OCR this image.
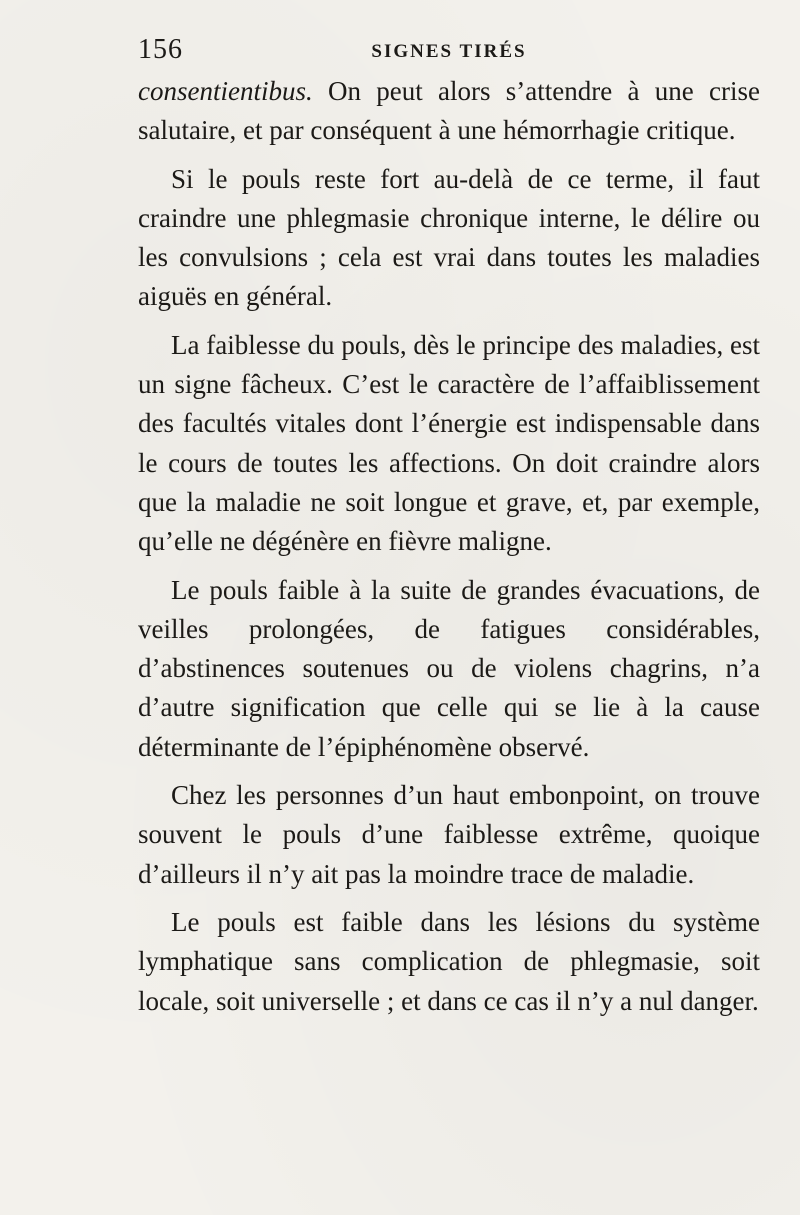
156	SIGNES TIRÉS

consentientibus. On peut alors s’attendre à une crise salutaire, et par conséquent à une hémorrhagie critique.

Si le pouls reste fort au-delà de ce terme, il faut craindre une phlegmasie chronique interne, le délire ou les convulsions ; cela est vrai dans toutes les maladies aiguës en général.

La faiblesse du pouls, dès le principe des maladies, est un signe fâcheux. C’est le caractère de l’affaiblissement des facultés vitales dont l’énergie est indispensable dans le cours de toutes les affections. On doit craindre alors que la maladie ne soit longue et grave, et, par exemple, qu’elle ne dégénère en fièvre maligne.

Le pouls faible à la suite de grandes évacuations, de veilles prolongées, de fatigues considérables, d’abstinences soutenues ou de violens chagrins, n’a d’autre signification que celle qui se lie à la cause déterminante de l’épiphénomène observé.

Chez les personnes d’un haut embonpoint, on trouve souvent le pouls d’une faiblesse extrême, quoique d’ailleurs il n’y ait pas la moindre trace de maladie.

Le pouls est faible dans les lésions du système lymphatique sans complication de phlegmasie, soit locale, soit universelle ; et dans ce cas il n’y a nul danger.
